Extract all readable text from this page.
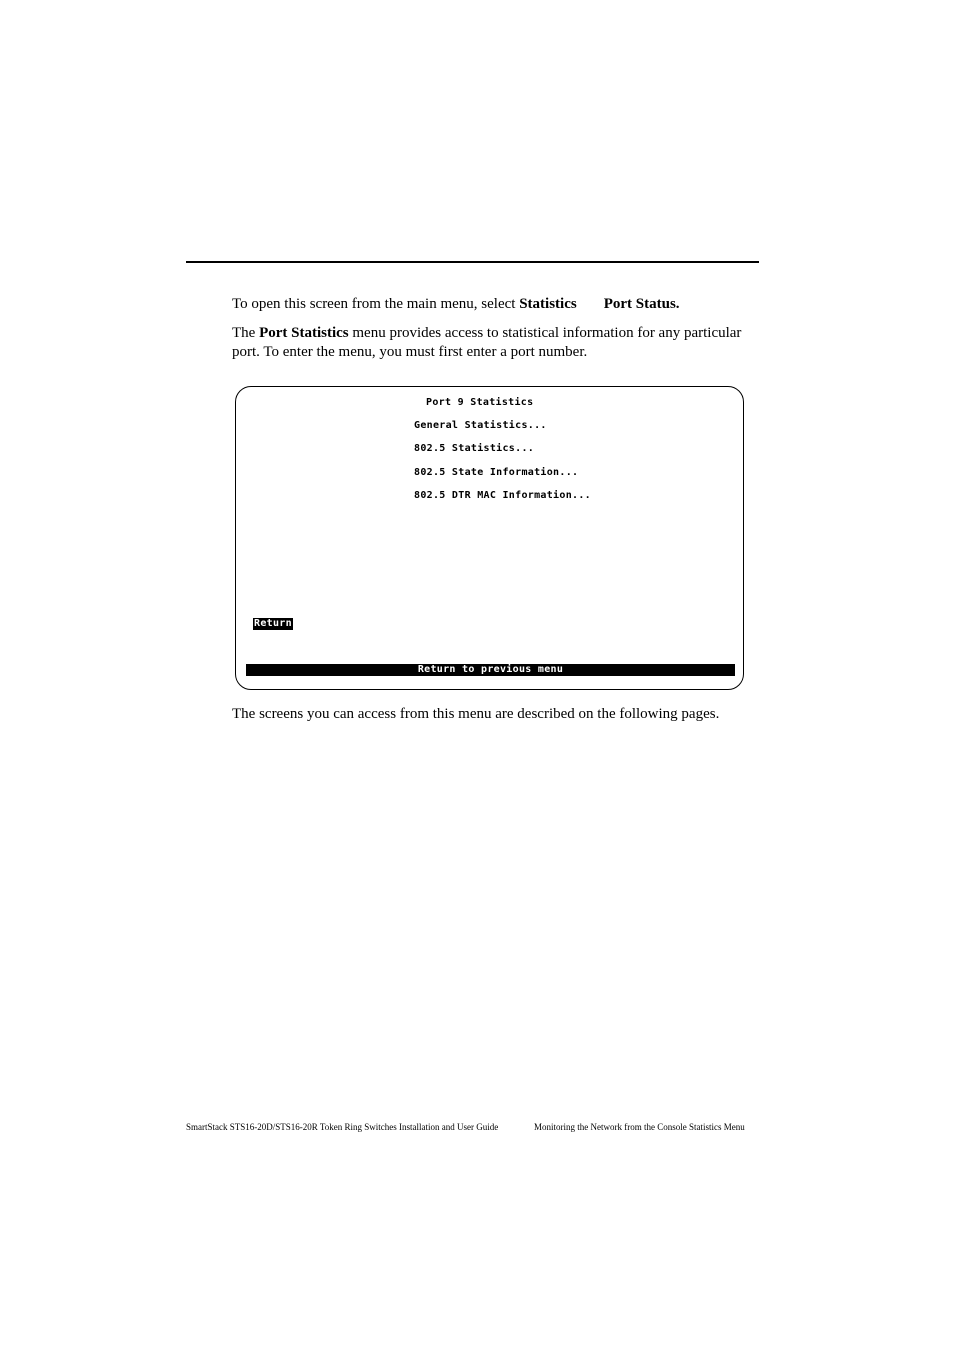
To open this screen from the main menu, select Statistics Port Status.

The Port Statistics menu provides access to statistical information for any particular port. To enter the menu, you must first enter a port number.

Port 9 Statistics
General Statistics...
802.5 Statistics...
802.5 State Information...
802.5 DTR MAC Information...
Return
Return to previous menu

The screens you can access from this menu are described on the following pages.

SmartStack STS16-20D/STS16-20R Token Ring Switches Installation and User Guide	Monitoring the Network from the Console Statistics Menu
